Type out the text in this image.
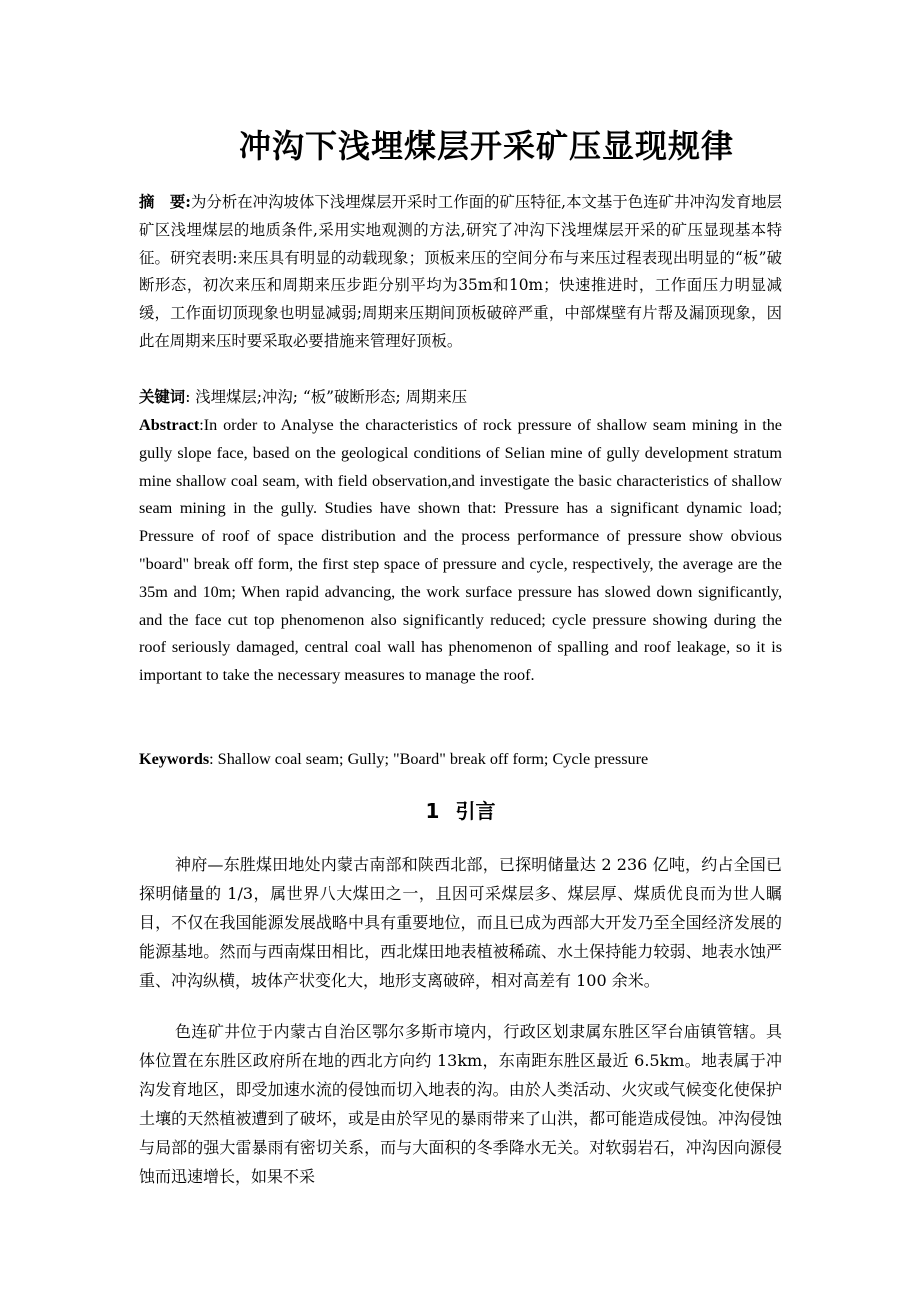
冲沟下浅埋煤层开采矿压显现规律
摘　要:为分析在冲沟坡体下浅埋煤层开采时工作面的矿压特征,本文基于色连矿井冲沟发育地层矿区浅埋煤层的地质条件,采用实地观测的方法,研究了冲沟下浅埋煤层开采的矿压显现基本特征。研究表明:来压具有明显的动载现象；顶板来压的空间分布与来压过程表现出明显的“板”破断形态，初次来压和周期来压步距分别平均为35m和10m；快速推进时，工作面压力明显减缓，工作面切顶现象也明显减弱;周期来压期间顶板破碎严重，中部煤壁有片帮及漏顶现象，因此在周期来压时要采取必要措施来管理好顶板。
关键词: 浅埋煤层;冲沟; “板”破断形态; 周期来压
Abstract:In order to Analyse the characteristics of rock pressure of shallow seam mining in the gully slope face, based on the geological conditions of Selian mine of gully development stratum mine shallow coal seam, with field observation,and investigate the basic characteristics of shallow seam mining in the gully. Studies have shown that: Pressure has a significant dynamic load; Pressure of roof of space distribution and the process performance of pressure show obvious "board" break off form, the first step space of pressure and cycle, respectively, the average are the 35m and 10m; When rapid advancing, the work surface pressure has slowed down significantly, and the face cut top phenomenon also significantly reduced; cycle pressure showing during the roof seriously damaged, central coal wall has phenomenon of spalling and roof leakage, so it is important to take the necessary measures to manage the roof.
Keywords: Shallow coal seam; Gully; "Board" break off form; Cycle pressure
1 引言

神府—东胜煤田地处内蒙古南部和陕西北部，已探明储量达 2 236 亿吨，约占全国已探明储量的 1/3，属世界八大煤田之一，且因可采煤层多、煤层厚、煤质优良而为世人瞩目，不仅在我国能源发展战略中具有重要地位，而且已成为西部大开发乃至全国经济发展的能源基地。然而与西南煤田相比，西北煤田地表植被稀疏、水土保持能力较弱、地表水蚀严重、冲沟纵横，坡体产状变化大，地形支离破碎，相对高差有 100 余米。

色连矿井位于内蒙古自治区鄂尔多斯市境内，行政区划隶属东胜区罕台庙镇管辖。具体位置在东胜区政府所在地的西北方向约 13km，东南距东胜区最近 6.5km。地表属于冲沟发育地区，即受加速水流的侵蚀而切入地表的沟。由於人类活动、火灾或气候变化使保护土壤的天然植被遭到了破坏，或是由於罕见的暴雨带来了山洪，都可能造成侵蚀。冲沟侵蚀与局部的强大雷暴雨有密切关系，而与大面积的冬季降水无关。对软弱岩石，冲沟因向源侵蚀而迅速增长，如果不采
